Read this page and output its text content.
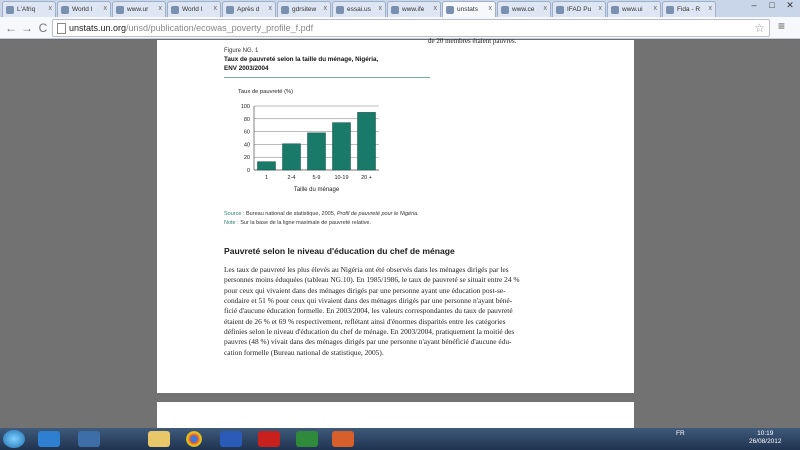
–	□	✕
L'Afriq x	World I x	www.ur x	World I x	Après d x	gdrsitew x	essai.us x	www.ife x	unstats x	www.ce x	IFAD Pu x	www.ui x	Fida - R x
← → C	unstats.un.org/unsd/publication/ecowas_poverty_profile_f.pdf	☆ ≡
de 20 membres étaient pauvres.
Figure NG. 1
Taux de pauvreté selon la taille du ménage, Nigéria,
ENV 2003/2004
Taux de pauvreté (%)
0
20
40
60
80
100
1	2-4	5-9	10-19 20 +
Taille du ménage
Source : Bureau national de statistique, 2005, Profil de pauvreté pour le Nigéria.
Note : Sur la base de la ligne maximale de pauvreté relative.
Pauvreté selon le niveau d'éducation du chef de ménage
Les taux de pauvreté les plus élevés au Nigéria ont été observés dans les ménages dirigés par les
personnes moins éduquées (tableau NG.10). En 1985/1986, le taux de pauvreté se situait entre 24 %
pour ceux qui vivaient dans des ménages dirigés par une personne ayant une éducation post-se-
condaire et 51 % pour ceux qui vivaient dans des ménages dirigés par une personne n'ayant béné-
ficié d'aucune éducation formelle. En 2003/2004, les valeurs correspondantes du taux de pauvreté
étaient de 26 % et 69 % respectivement, reflétant ainsi d'énormes disparités entre les catégories
définies selon le niveau d'éducation du chef de ménage. En 2003/2004, pratiquement la moitié des
pauvres (48 %) vivait dans des ménages dirigés par une personne n'ayant bénéficié d'aucune édu-
cation formelle (Bureau national de statistique, 2005).
FR	10:19
26/08/2012
